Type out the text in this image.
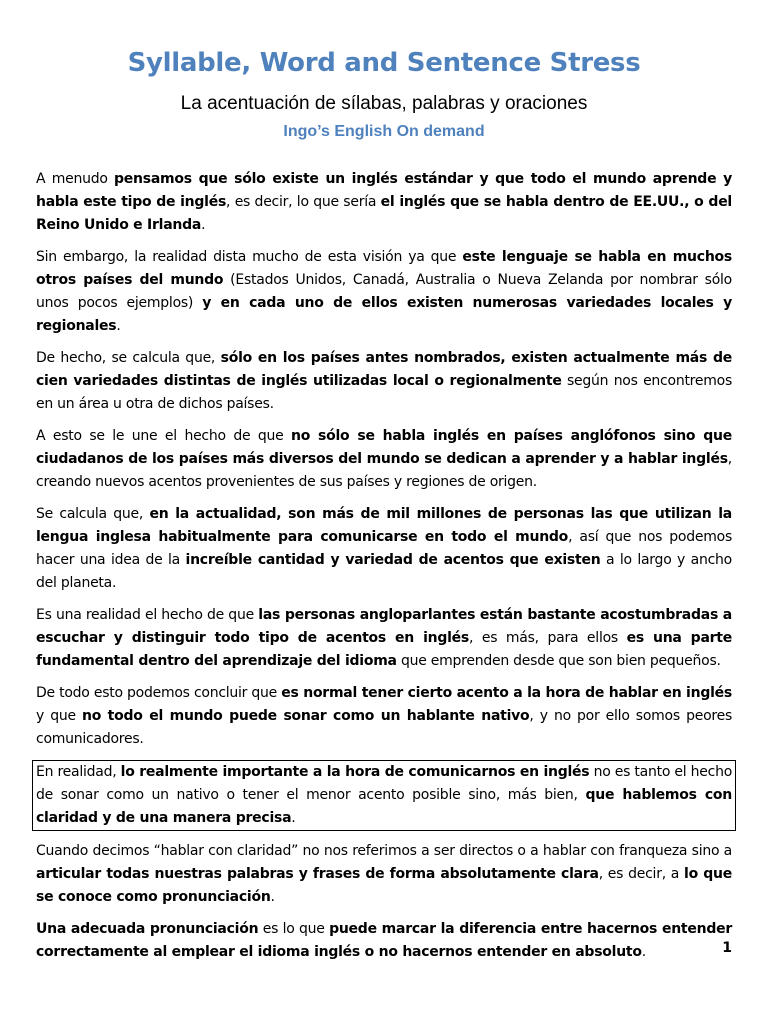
Syllable, Word and Sentence Stress
La acentuación de sílabas, palabras y oraciones
Ingo’s English On demand

A menudo pensamos que sólo existe un inglés estándar y que todo el mundo aprende y habla este tipo de inglés, es decir, lo que sería el inglés que se habla dentro de EE.UU., o del Reino Unido e Irlanda.

Sin embargo, la realidad dista mucho de esta visión ya que este lenguaje se habla en muchos otros países del mundo (Estados Unidos, Canadá, Australia o Nueva Zelanda por nombrar sólo unos pocos ejemplos) y en cada uno de ellos existen numerosas variedades locales y regionales.

De hecho, se calcula que, sólo en los países antes nombrados, existen actualmente más de cien variedades distintas de inglés utilizadas local o regionalmente según nos encontremos en un área u otra de dichos países.

A esto se le une el hecho de que no sólo se habla inglés en países anglófonos sino que ciudadanos de los países más diversos del mundo se dedican a aprender y a hablar inglés, creando nuevos acentos provenientes de sus países y regiones de origen.

Se calcula que, en la actualidad, son más de mil millones de personas las que utilizan la lengua inglesa habitualmente para comunicarse en todo el mundo, así que nos podemos hacer una idea de la increíble cantidad y variedad de acentos que existen a lo largo y ancho del planeta.

Es una realidad el hecho de que las personas angloparlantes están bastante acostumbradas a escuchar y distinguir todo tipo de acentos en inglés, es más, para ellos es una parte fundamental dentro del aprendizaje del idioma que emprenden desde que son bien pequeños.

De todo esto podemos concluir que es normal tener cierto acento a la hora de hablar en inglés y que no todo el mundo puede sonar como un hablante nativo, y no por ello somos peores comunicadores.

En realidad, lo realmente importante a la hora de comunicarnos en inglés no es tanto el hecho de sonar como un nativo o tener el menor acento posible sino, más bien, que hablemos con claridad y de una manera precisa.

Cuando decimos “hablar con claridad” no nos referimos a ser directos o a hablar con franqueza sino a articular todas nuestras palabras y frases de forma absolutamente clara, es decir, a lo que se conoce como pronunciación.

Una adecuada pronunciación es lo que puede marcar la diferencia entre hacernos entender correctamente al emplear el idioma inglés o no hacernos entender en absoluto.	1
